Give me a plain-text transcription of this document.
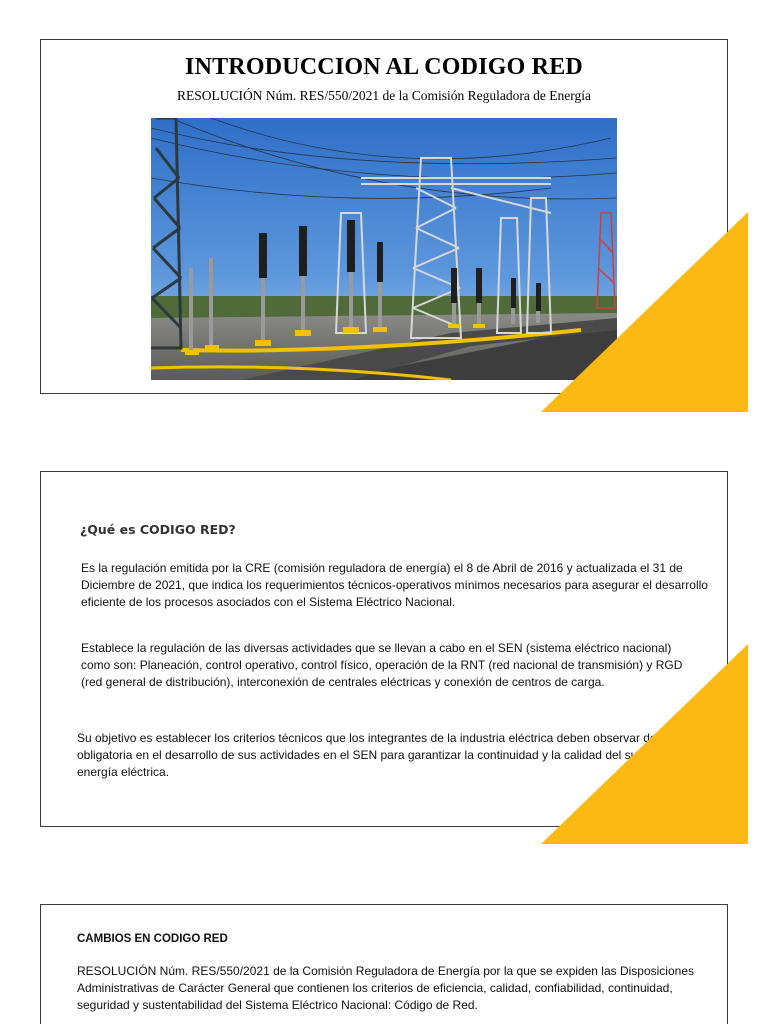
INTRODUCCION AL CODIGO RED
RESOLUCIÓN Núm. RES/550/2021 de la Comisión Reguladora de Energía
¿Qué es CODIGO RED?
Es la regulación emitida por la CRE (comisión reguladora de energía) el 8 de Abril de 2016 y actualizada el 31 de Diciembre de 2021, que indica los requerimientos técnicos-operativos mínimos necesarios para asegurar el desarrollo eficiente de los procesos asociados con el Sistema Eléctrico Nacional.
Establece la regulación de las diversas actividades que se llevan a cabo en el SEN (sistema eléctrico nacional) como son: Planeación, control operativo, control físico, operación de la RNT (red nacional de transmisión) y RGD (red general de distribución), interconexión de centrales eléctricas y conexión de centros de carga.
Su objetivo es establecer los criterios técnicos que los integrantes de la industria eléctrica deben observar de manera obligatoria en el desarrollo de sus actividades en el SEN para garantizar la continuidad y la calidad del suministro de energía eléctrica.
CAMBIOS EN CODIGO RED
RESOLUCIÓN Núm. RES/550/2021 de la Comisión Reguladora de Energía por la que se expiden las Disposiciones Administrativas de Carácter General que contienen los criterios de eficiencia, calidad, confiabilidad, continuidad, seguridad y sustentabilidad del Sistema Eléctrico Nacional: Código de Red.
